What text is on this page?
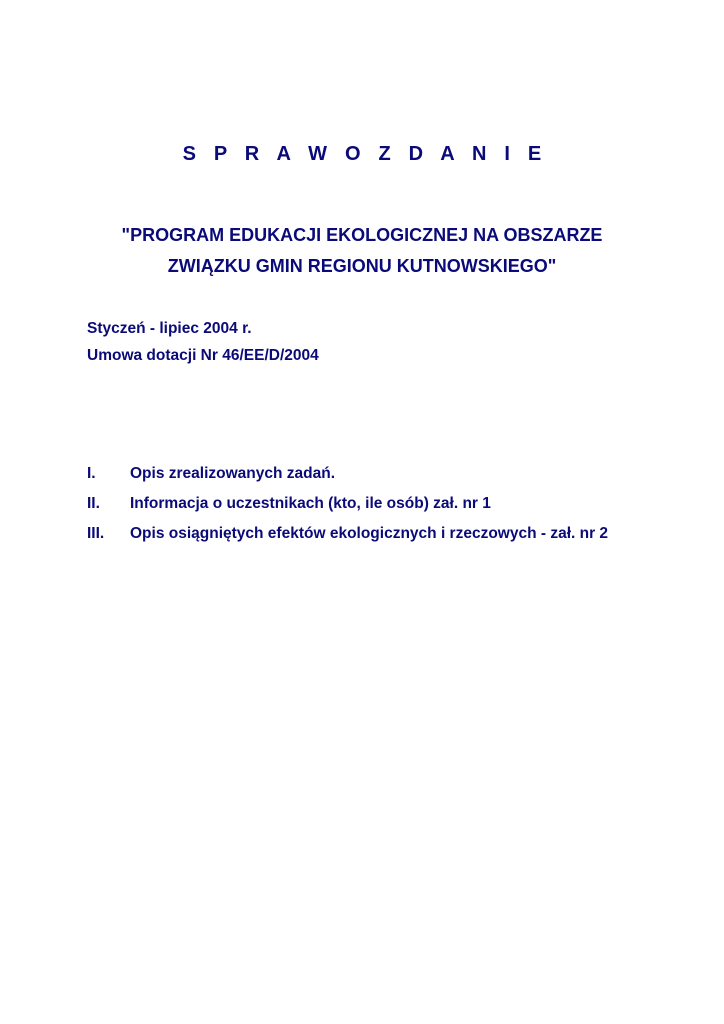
S P R A W O Z D A N I E
"PROGRAM EDUKACJI EKOLOGICZNEJ NA OBSZARZE
ZWIĄZKU GMIN REGIONU KUTNOWSKIEGO"
Styczeń - lipiec 2004 r.
Umowa dotacji Nr 46/EE/D/2004
I.	Opis zrealizowanych zadań.
II.	Informacja o uczestnikach (kto, ile osób) zał. nr 1
III.	Opis osiągniętych efektów ekologicznych i rzeczowych - zał. nr 2
